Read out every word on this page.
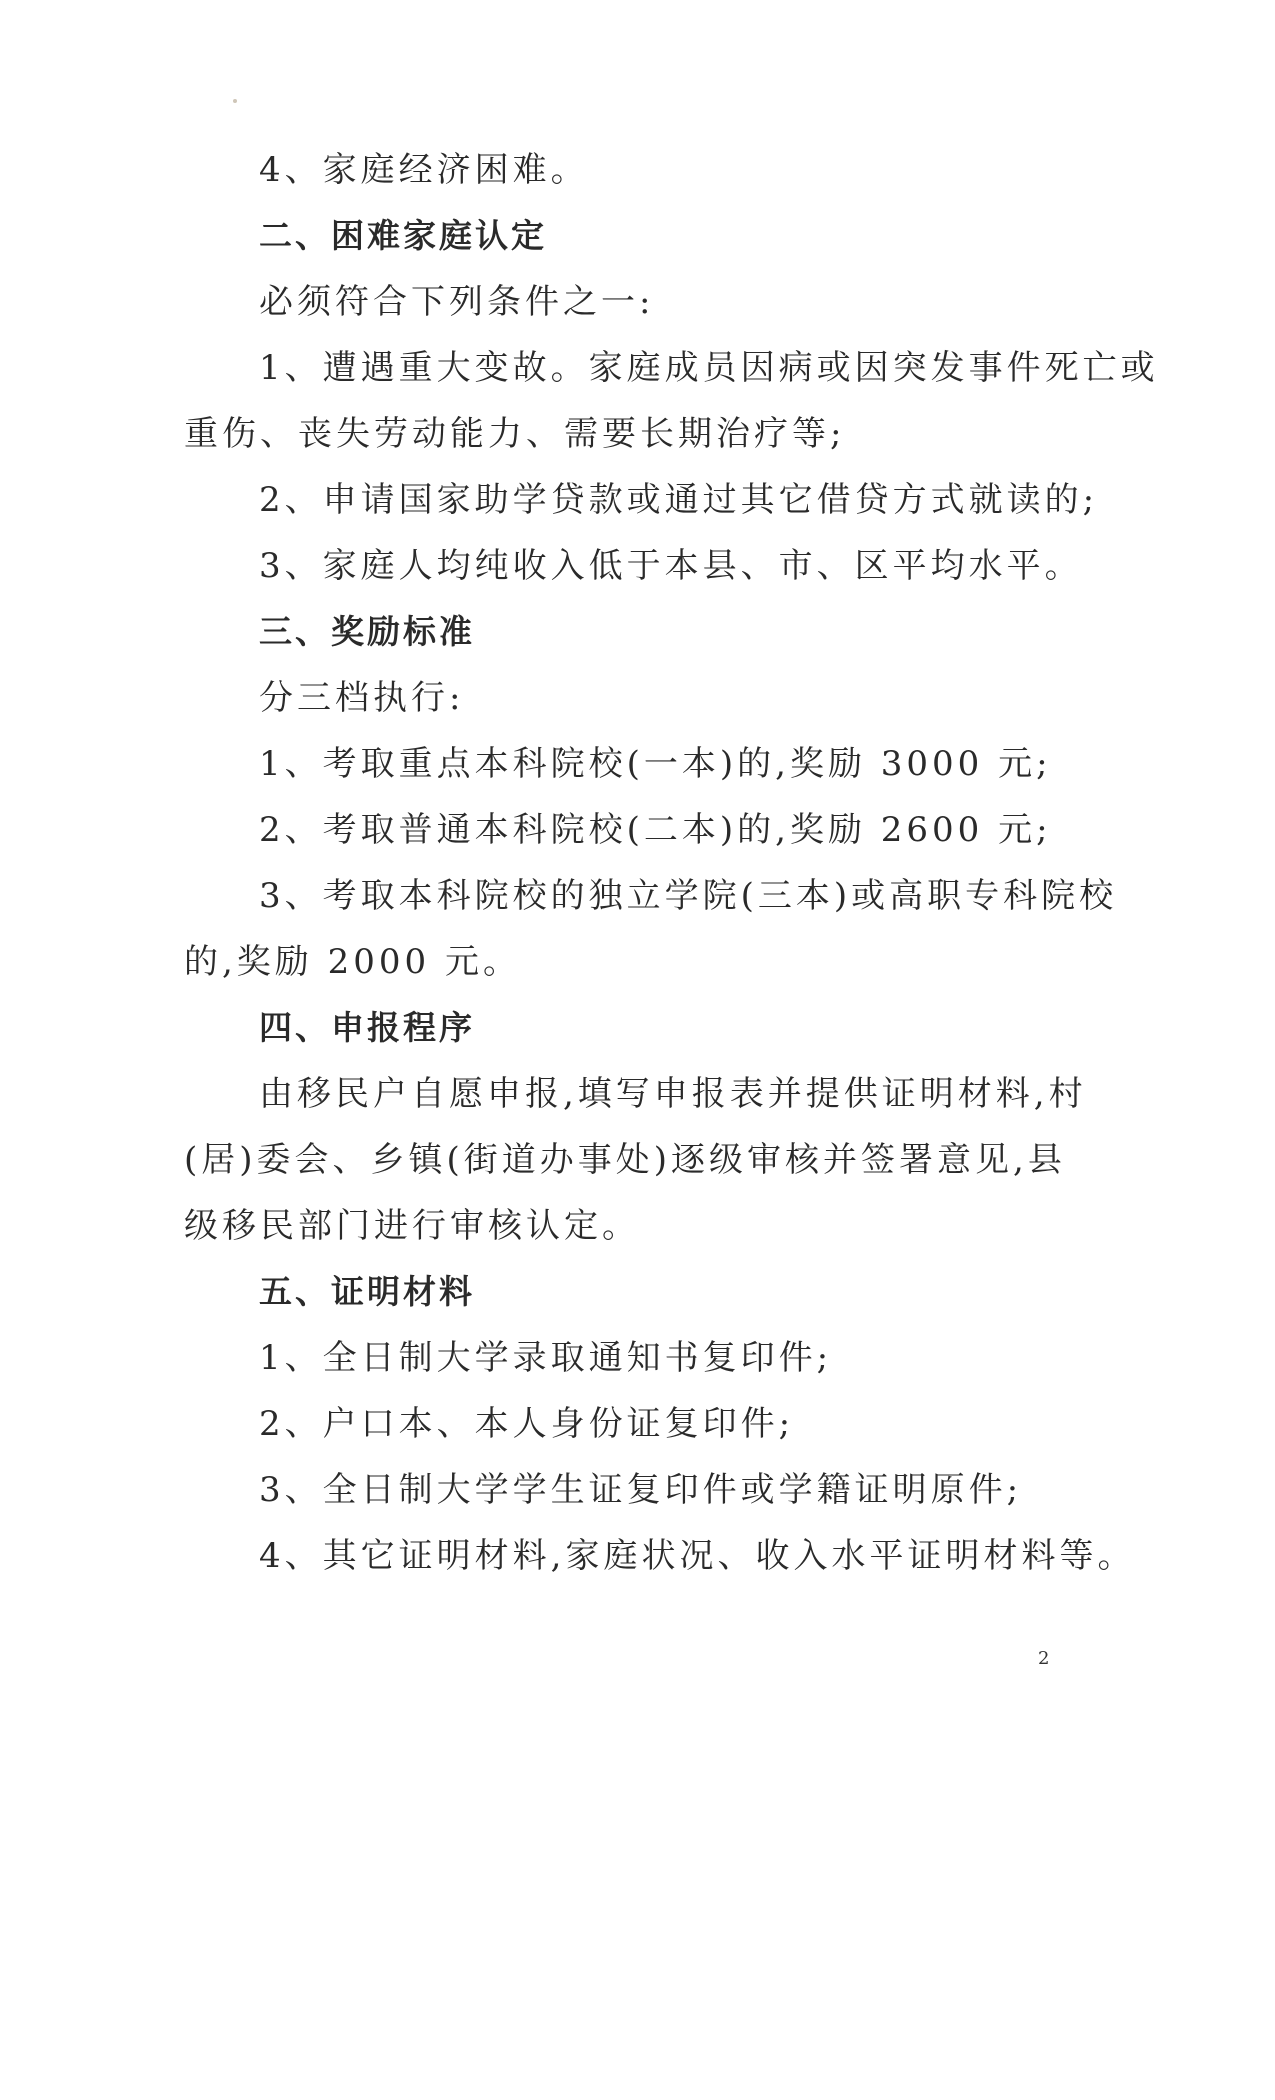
4、家庭经济困难。
二、困难家庭认定
必须符合下列条件之一:
1、遭遇重大变故。家庭成员因病或因突发事件死亡或
重伤、丧失劳动能力、需要长期治疗等;
2、申请国家助学贷款或通过其它借贷方式就读的;
3、家庭人均纯收入低于本县、市、区平均水平。
三、奖励标准
分三档执行:
1、考取重点本科院校(一本)的,奖励 3000 元;
2、考取普通本科院校(二本)的,奖励 2600 元;
3、考取本科院校的独立学院(三本)或高职专科院校
的,奖励 2000 元。
四、申报程序
由移民户自愿申报,填写申报表并提供证明材料,村
(居)委会、乡镇(街道办事处)逐级审核并签署意见,县
级移民部门进行审核认定。
五、证明材料
1、全日制大学录取通知书复印件;
2、户口本、本人身份证复印件;
3、全日制大学学生证复印件或学籍证明原件;
4、其它证明材料,家庭状况、收入水平证明材料等。
2
